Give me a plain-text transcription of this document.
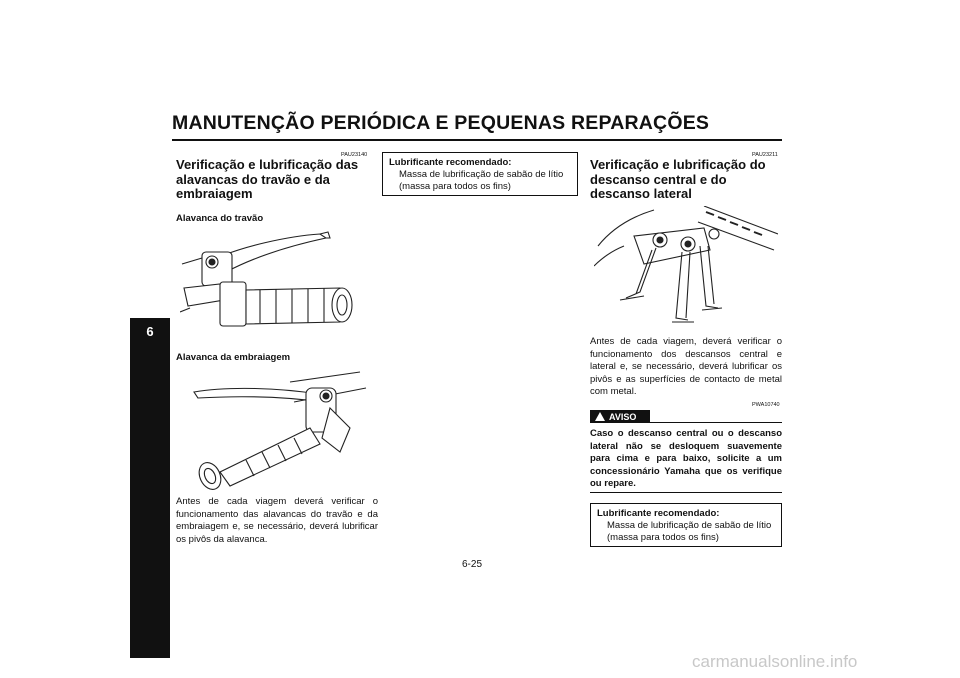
MANUTENÇÃO PERIÓDICA E PEQUENAS REPARAÇÕES
6
PAU23140
Verificação e lubrificação das alavancas do travão e da embraiagem
Alavanca do travão
Alavanca da embraiagem
Antes de cada viagem deverá verificar o funcionamento das alavancas do travão e da embraiagem e, se necessário, deverá lubrificar os pivôs da alavanca.
Lubrificante recomendado:
Massa de lubrificação de sabão de lítio (massa para todos os fins)
PAU23211
Verificação e lubrificação do descanso central e do descanso lateral
Antes de cada viagem, deverá verificar o funcionamento dos descansos central e lateral e, se necessário, deverá lubrificar os pivôs e as superfícies de contacto de metal com metal.
PWA10740
AVISO
Caso o descanso central ou o descanso lateral não se desloquem suavemente para cima e para baixo, solicite a um concessionário Yamaha que os verifique ou repare.
Lubrificante recomendado:
Massa de lubrificação de sabão de lítio (massa para todos os fins)
6-25
carmanualsonline.info
